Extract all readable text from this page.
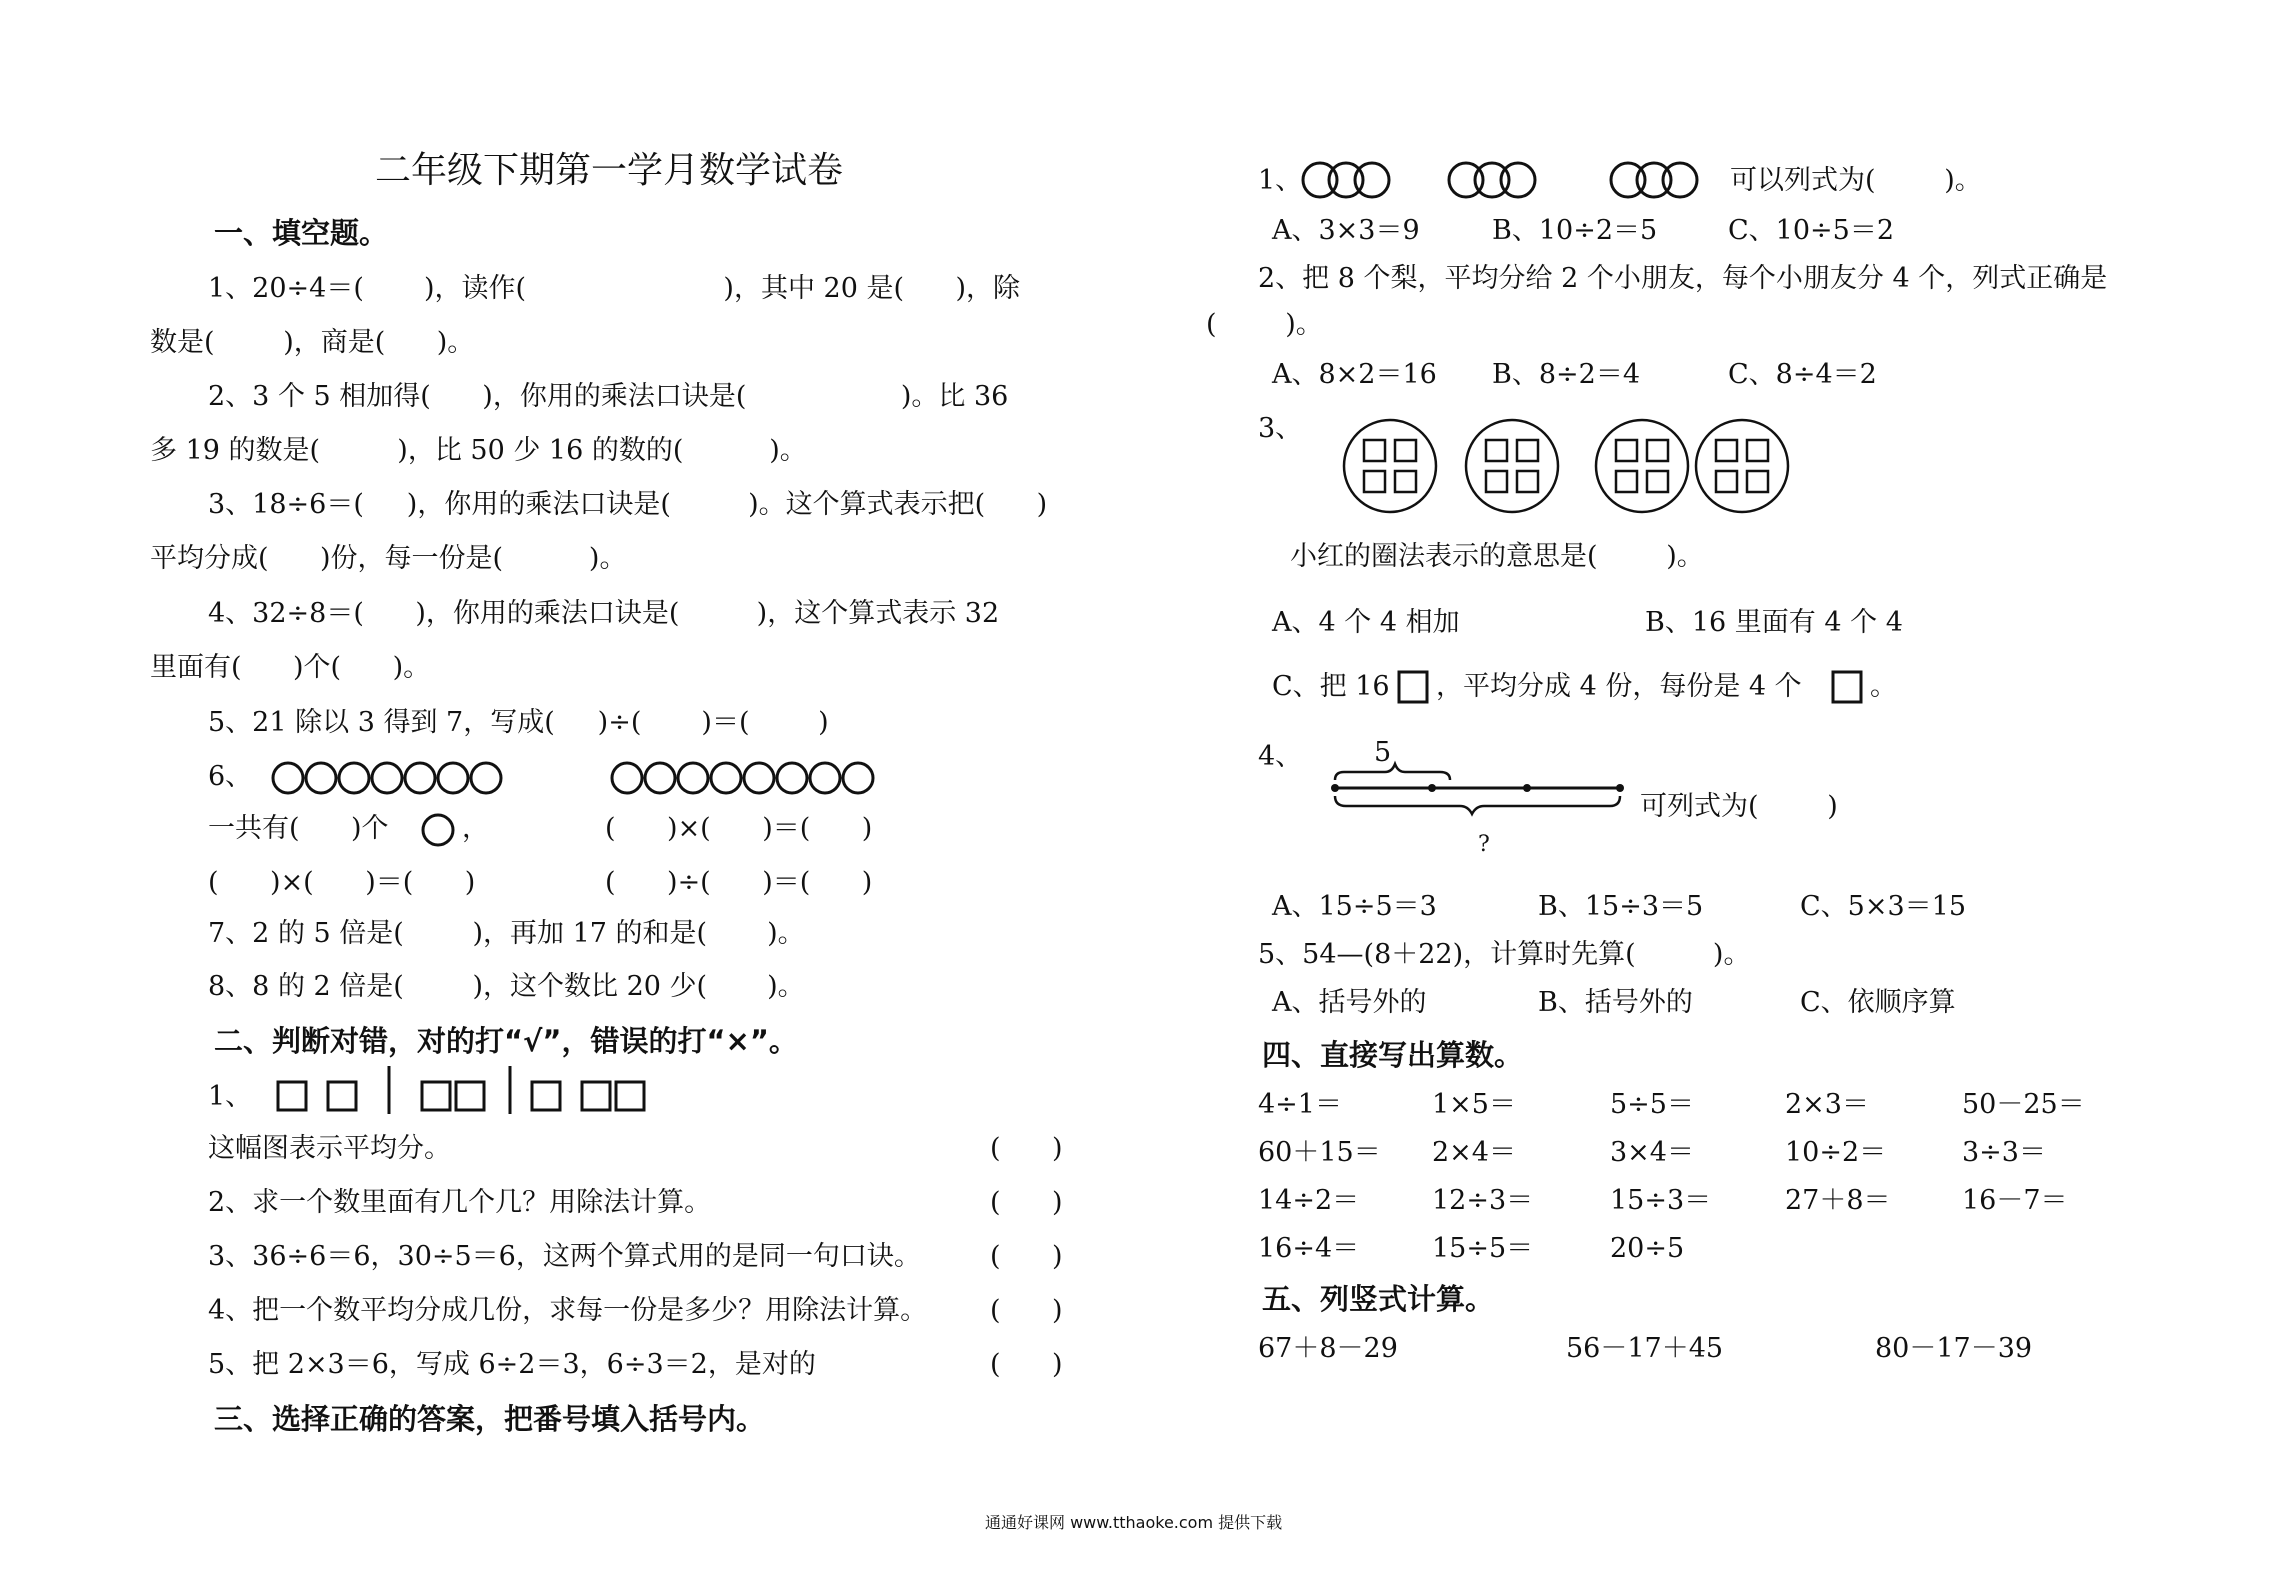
二年级下期第一学月数学试卷
一、填空题。
1、20÷4＝(       )，读作(                       )，其中 20 是(      )，除
数是(        )，商是(      )。
2、3 个 5 相加得(      )，你用的乘法口诀是(                  )。比 36
多 19 的数是(         )，比 50 少 16 的数的(          )。
3、18÷6＝(     )，你用的乘法口诀是(         )。这个算式表示把(      )
平均分成(      )份，每一份是(          )。
4、32÷8＝(      )，你用的乘法口诀是(         )，这个算式表示 32
里面有(      )个(      )。
5、21 除以 3 得到 7，写成(     )÷(       )＝(        )
6、
一共有(      )个	，	(      )×(      )＝(      )
(      )×(      )＝(      )	(      )÷(      )＝(      )
7、2 的 5 倍是(        )，再加 17 的和是(       )。
8、8 的 2 倍是(        )，这个数比 20 少(       )。
二、判断对错，对的打“√”，错误的打“×”。
1、
这幅图表示平均分。	(      )
2、求一个数里面有几个几？用除法计算。	(      )
3、36÷6＝6，30÷5＝6，这两个算式用的是同一句口诀。	(      )
4、把一个数平均分成几份，求每一份是多少？用除法计算。 (      )
5、把 2×3＝6，写成 6÷2＝3，6÷3＝2，是对的	(      )
三、选择正确的答案，把番号填入括号内。
1、	可以列式为(        )。
A、3×3＝9	B、10÷2＝5	C、10÷5＝2
2、把 8 个梨，平均分给 2 个小朋友，每个小朋友分 4 个，列式正确是
(        )。
A、8×2＝16 B、8÷2＝4	C、8÷4＝2
3、
小红的圈法表示的意思是(        )。
A、4 个 4 相加	B、16 里面有 4 个 4
C、把 16 ，平均分成 4 份，每份是 4 个	。
4、	5
?
可列式为(        )
A、15÷5＝3	B、15÷3＝5	C、5×3＝15
5、54—(8＋22)，计算时先算(         )。
A、括号外的	B、括号外的	C、依顺序算
四、直接写出算数。
4÷1＝	1×5＝	5÷5＝	2×3＝	50－25＝
60＋15＝ 2×4＝	3×4＝	10÷2＝	3÷3＝
14÷2＝	12÷3＝	15÷3＝	27＋8＝	16－7＝
16÷4＝	15÷5＝	20÷5
五、列竖式计算。
67＋8－29	56－17＋45	80－17－39
通通好课网 www.tthaoke.com 提供下载
